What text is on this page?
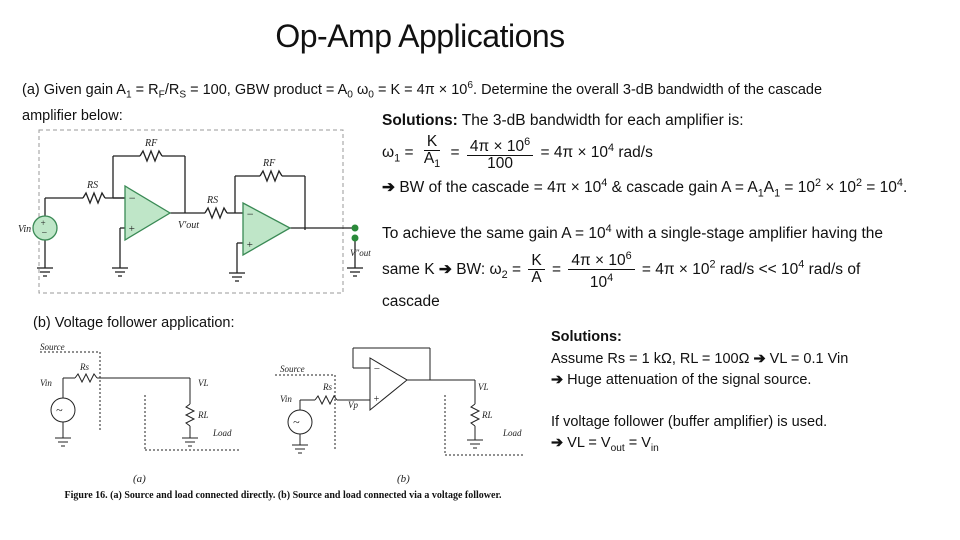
Op-Amp Applications
(a) Given gain $A_1 = R_F/R_S = 100$, GBW product = $A_0$ $\omega_0 = K = 4\pi \times 10^6$. Determine the overall 3-dB bandwidth of the cascade
amplifier below:	Solutions: The 3-dB bandwidth for each amplifier is:
$\omega_1 = \frac{K}{A_1} = \frac{4\pi \times 10^6}{100} = 4\pi \times 10^4$ rad/s
➔ BW of the cascade = $4\pi \times 10^4$ & cascade gain $A = A_1A_1 = 10^2 \times 10^2 = 10^4$.
To achieve the same gain $A = 10^4$ with a single-stage amplifier having the
same K ➔ BW: $\omega_2 = \frac{K}{A} = \frac{4\pi \times 10^6}{10^4} = 4\pi \times 10^2$ $rad/s << 10^4$ rad/s of
cascade
+
−
−
+
−
+
RF
RS
RF
RS
Vin	V′out
V″out
(b) Voltage follower application:
~
~
−
+
Source
Rs
Vin	VL
RL
Load
(a)
Source
Rs
Vin
Vp
VL
RL
Load
(b)
Figure 16. (a) Source and load connected directly. (b) Source and load connected via a voltage follower.
Solutions:
Assume Rs = 1 kΩ, RL = 100Ω ➔ VL = 0.1 Vin
➔ Huge attenuation of the signal source.
If voltage follower (buffer amplifier) is used.
➔ VL = $V_{out} = V_{in}$
